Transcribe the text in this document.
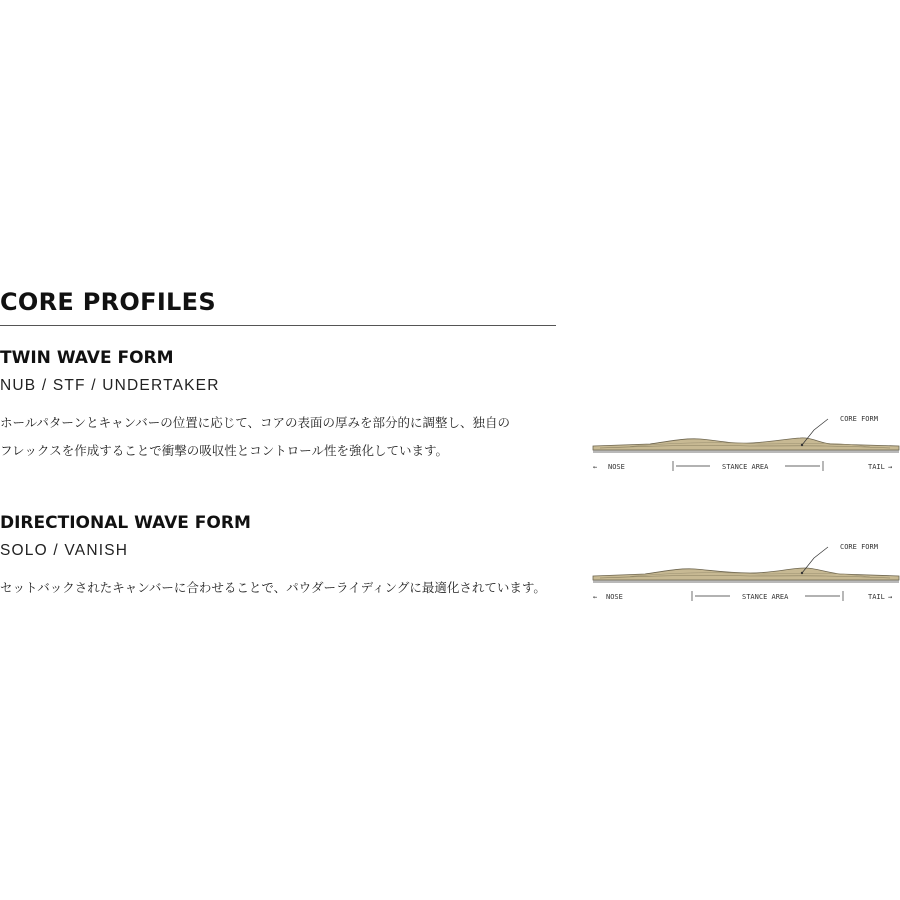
CORE PROFILES
TWIN WAVE FORM
NUB / STF / UNDERTAKER
ホールパターンとキャンバーの位置に応じて、コアの表面の厚みを部分的に調整し、独自の
フレックスを作成することで衝撃の吸収性とコントロール性を強化しています。
CORE FORM
← NOSE	STANCE AREA	TAIL →
DIRECTIONAL WAVE FORM
SOLO / VANISH
セットバックされたキャンバーに合わせることで、パウダーライディングに最適化されています。
CORE FORM
← NOSE	STANCE AREA	TAIL →
